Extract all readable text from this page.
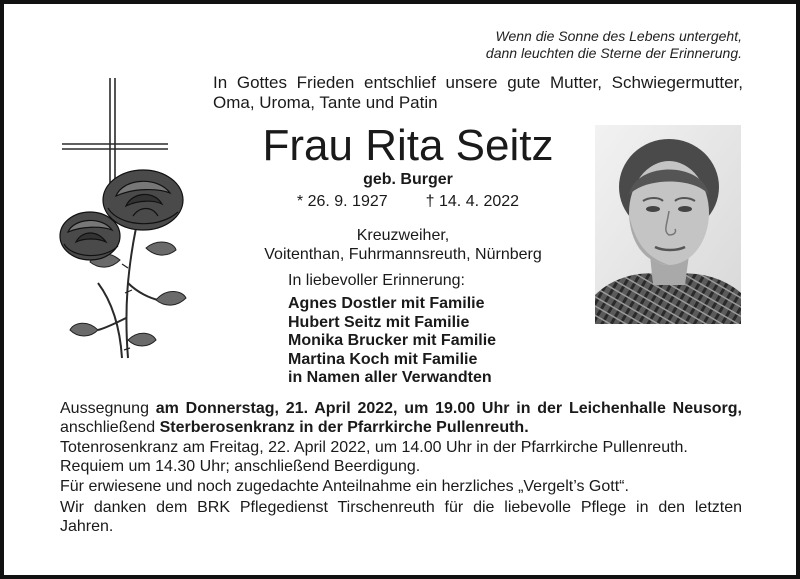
Wenn die Sonne des Lebens untergeht,
dann leuchten die Sterne der Erinnerung.
In Gottes Frieden entschlief unsere gute Mutter, Schwiegermutter,
Oma, Uroma, Tante und Patin
Frau Rita Seitz
geb. Burger
* 26. 9. 1927 † 14. 4. 2022
Kreuzweiher,
Voitenthan, Fuhrmannsreuth, Nürnberg
In liebevoller Erinnerung:
Agnes Dostler mit Familie
Hubert Seitz mit Familie
Monika Brucker mit Familie
Martina Koch mit Familie
in Namen aller Verwandten

Aussegnung am Donnerstag, 21. April 2022, um 19.00 Uhr in der Leichenhalle Neusorg,

anschließend Sterberosenkranz in der Pfarrkirche Pullenreuth.

Totenrosenkranz am Freitag, 22. April 2022, um 14.00 Uhr in der Pfarrkirche Pullenreuth.
Requiem um 14.30 Uhr; anschließend Beerdigung.

Für erwiesene und noch zugedachte Anteilnahme ein herzliches „Vergelt’s Gott“.

Wir danken dem BRK Pflegedienst Tirschenreuth für die liebevolle Pflege in den letzten
Jahren.
